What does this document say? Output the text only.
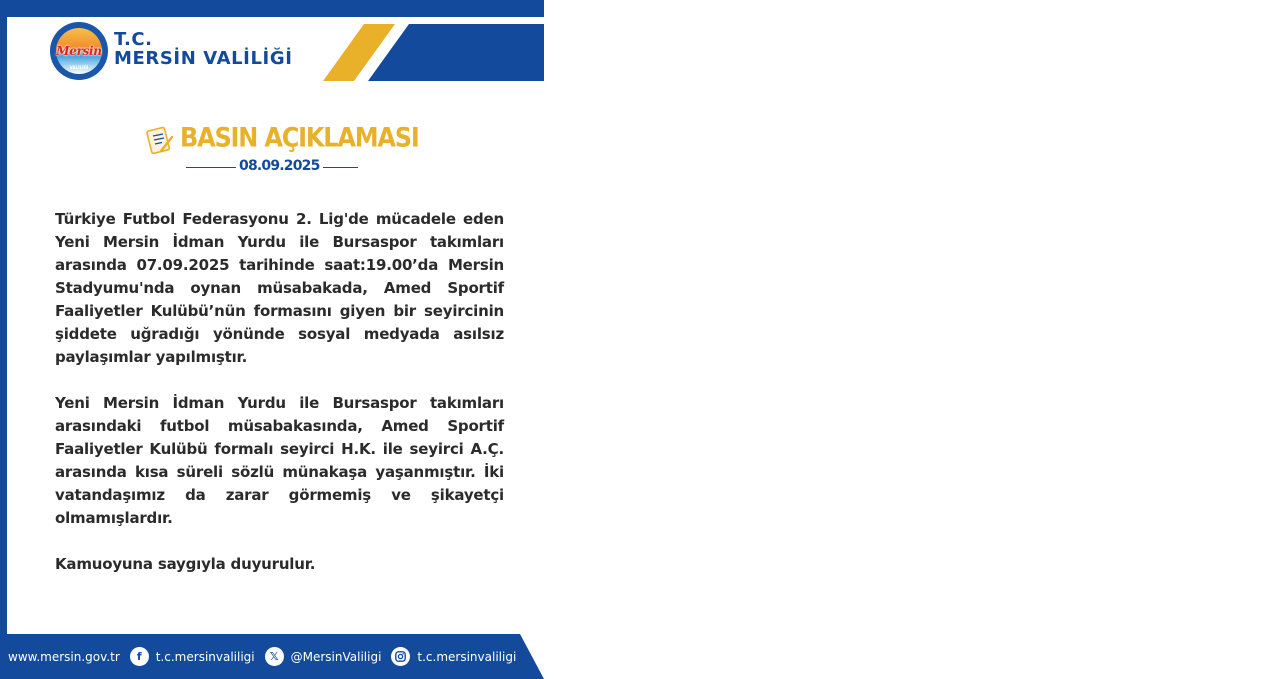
Mersin
VALİLİĞİ
T.C.
MERSİN VALİLİĞİ
BASIN AÇIKLAMASI
08.09.2025

Türkiye Futbol Federasyonu 2. Lig'de mücadele eden Yeni Mersin İdman Yurdu ile Bursaspor takımları arasında 07.09.2025 tarihinde saat:19.00’da Mersin Stadyumu'nda oynan müsabakada, Amed Sportif Faaliyetler Kulübü’nün formasını giyen bir seyircinin şiddete uğradığı yönünde sosyal medyada asılsız paylaşımlar yapılmıştır.

Yeni Mersin İdman Yurdu ile Bursaspor takımları arasındaki futbol müsabakasında, Amed Sportif Faaliyetler Kulübü formalı seyirci H.K. ile seyirci A.Ç. arasında kısa süreli sözlü münakaşa yaşanmıştır. İki vatandaşımız da zarar görmemiş ve şikayetçi olmamışlardır.

Kamuoyuna saygıyla duyurulur.

www.mersin.gov.tr	f	t.c.mersinvaliligi	𝕏	@MersinValiligi	t.c.mersinvaliligi
